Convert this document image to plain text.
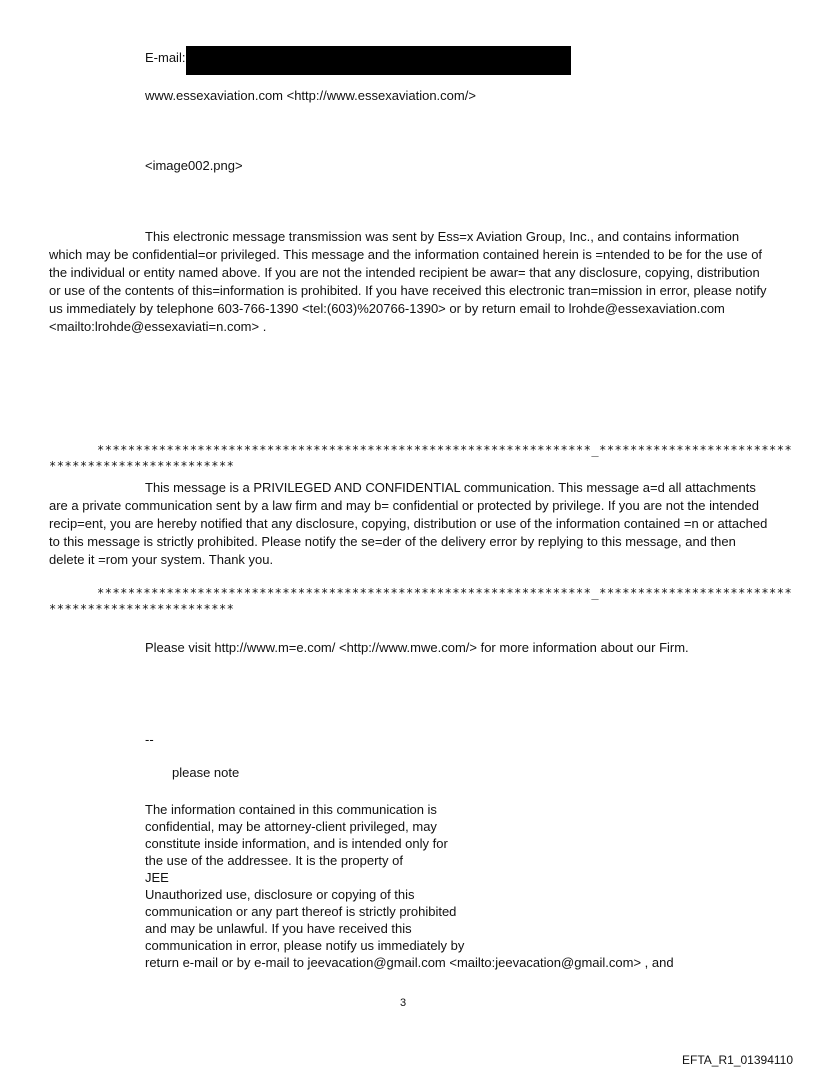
E-mail:
www.essexaviation.com <http://www.essexaviation.com/>
<image002.png>
This electronic message transmission was sent by Ess=x Aviation Group, Inc., and contains information which may be confidential=or privileged. This message and the information contained herein is =ntended to be for the use of the individual or entity named above. If you are not the intended recipient be awar= that any disclosure, copying, distribution or use of the contents of this=information is prohibited. If you have received this electronic tran=mission in error, please notify us immediately by telephone 603-766-1390 <tel:(603)%20766-1390> or by return email to lrohde@essexaviation.com <mailto:lrohde@essexaviati=n.com> .
****************************************************************_*************************
************************
This message is a PRIVILEGED AND CONFIDENTIAL communication. This message a=d all attachments are a private communication sent by a law firm and may b= confidential or protected by privilege. If you are not the intended recip=ent, you are hereby notified that any disclosure, copying, distribution or use of the information contained =n or attached to this message is strictly prohibited. Please notify the se=der of the delivery error by replying to this message, and then delete it =rom your system. Thank you.
****************************************************************_*************************
************************
Please visit http://www.m=e.com/ <http://www.mwe.com/> for more information about our Firm.
--
please note
The information contained in this communication is
confidential, may be attorney-client privileged, may
constitute inside information, and is intended only for
the use of the addressee. It is the property of
JEE
Unauthorized use, disclosure or copying of this
communication or any part thereof is strictly prohibited
and may be unlawful. If you have received this
communication in error, please notify us immediately by
return e-mail or by e-mail to jeevacation@gmail.com <mailto:jeevacation@gmail.com> , and
3
EFTA_R1_01394110
